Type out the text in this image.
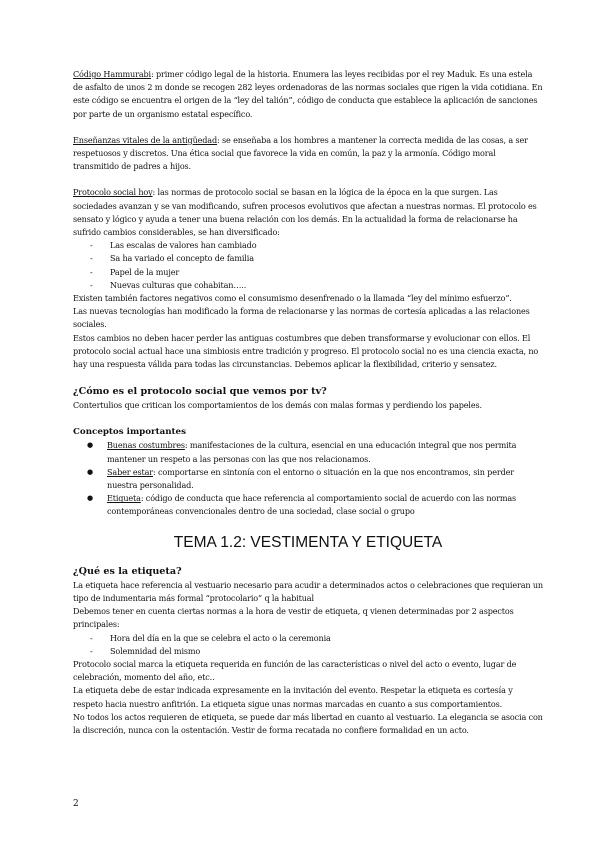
Código Hammurabi: primer código legal de la historia. Enumera las leyes recibidas por el rey Maduk. Es una estela de asfalto de unos 2 m donde se recogen 282 leyes ordenadoras de las normas sociales que rigen la vida cotidiana. En este código se encuentra el origen de la “ley del talión”, código de conducta que establece la aplicación de sanciones por parte de un organismo estatal específico.

Enseñanzas vitales de la antigüedad: se enseñaba a los hombres a mantener la correcta medida de las cosas, a ser respetuosos y discretos. Una ética social que favorece la vida en común, la paz y la armonía. Código moral transmitido de padres a hijos.

Protocolo social hoy: las normas de protocolo social se basan en la lógica de la época en la que surgen. Las sociedades avanzan y se van modificando, sufren procesos evolutivos que afectan a nuestras normas. El protocolo es sensato y lógico y ayuda a tener una buena relación con los demás. En la actualidad la forma de relacionarse ha sufrido cambios considerables, se han diversificado:

- Las escalas de valores han cambiado
- Sa ha variado el concepto de familia
- Papel de la mujer
- Nuevas culturas que cohabitan…..

Existen también factores negativos como el consumismo desenfrenado o la llamada “ley del mínimo esfuerzo”.

Las nuevas tecnologías han modificado la forma de relacionarse y las normas de cortesía aplicadas a las relaciones sociales.

Estos cambios no deben hacer perder las antiguas costumbres que deben transformarse y evolucionar con ellos. El protocolo social actual hace una simbiosis entre tradición y progreso. El protocolo social no es una ciencia exacta, no hay una respuesta válida para todas las circunstancias. Debemos aplicar la flexibilidad, criterio y sensatez.

¿Cómo es el protocolo social que vemos por tv?

Contertulios que critican los comportamientos de los demás con malas formas y perdiendo los papeles.

Conceptos importantes
● Buenas costumbres: manifestaciones de la cultura, esencial en una educación integral que nos permita mantener un respeto a las personas con las que nos relacionamos.
● Saber estar: comportarse en sintonía con el entorno o situación en la que nos encontramos, sin perder nuestra personalidad.
● Etiqueta: código de conducta que hace referencia al comportamiento social de acuerdo con las normas contemporáneas convencionales dentro de una sociedad, clase social o grupo
TEMA 1.2: VESTIMENTA Y ETIQUETA
¿Qué es la etiqueta?

La etiqueta hace referencia al vestuario necesario para acudir a determinados actos o celebraciones que requieran un tipo de indumentaria más formal “protocolario” q la habitual

Debemos tener en cuenta ciertas normas a la hora de vestir de etiqueta, q vienen determinadas por 2 aspectos principales:

- Hora del día en la que se celebra el acto o la ceremonia
- Solemnidad del mismo

Protocolo social marca la etiqueta requerida en función de las características o nivel del acto o evento, lugar de celebración, momento del año, etc..

La etiqueta debe de estar indicada expresamente en la invitación del evento. Respetar la etiqueta es cortesía y respeto hacia nuestro anfitrión. La etiqueta sigue unas normas marcadas en cuanto a sus comportamientos.

No todos los actos requieren de etiqueta, se puede dar más libertad en cuanto al vestuario. La elegancia se asocia con la discreción, nunca con la ostentación. Vestir de forma recatada no confiere formalidad en un acto.

2
